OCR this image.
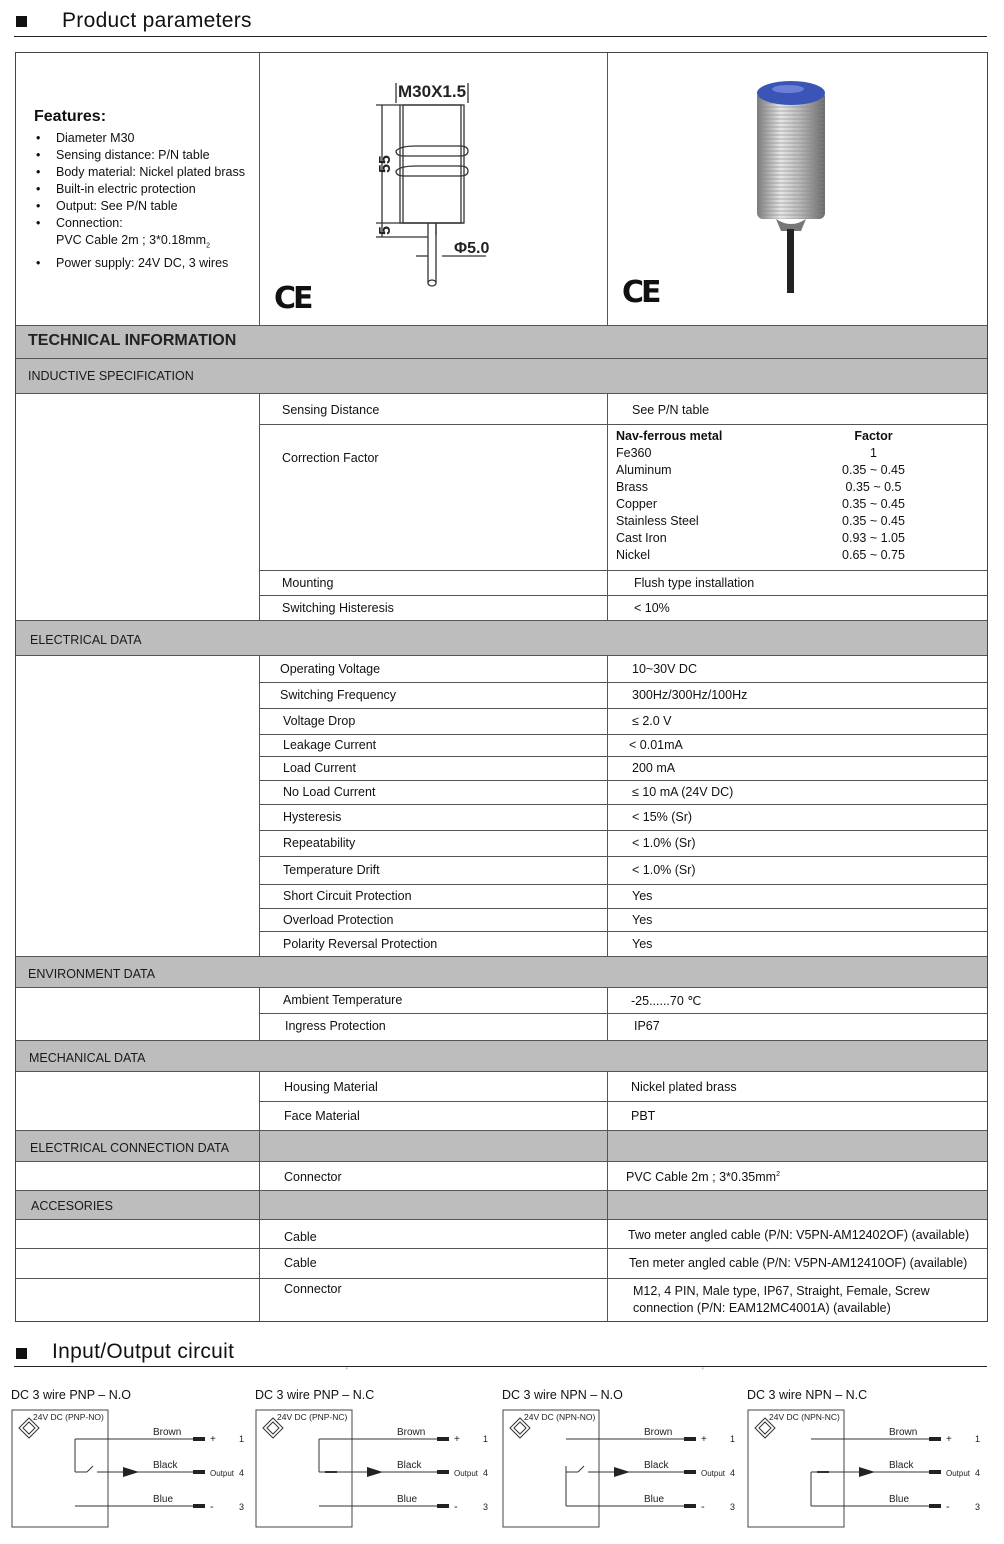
Product parameters
Features:
• Diameter M30
• Sensing distance: P/N table
• Body material: Nickel plated brass
• Built-in electric protection
• Output: See P/N table
• Connection:
PVC Cable 2m ; $3*0.18mm_2$
• Power supply: 24V DC, 3 wires
M30X1.5
55
5
Φ5.0
CE	CE
TECHNICAL INFORMATION
INDUCTIVE SPECIFICATION
Sensing Distance	See P/N table
Correction Factor
Mounting	Flush type installation
Switching Histeresis	< 10%
ELECTRICAL DATA
Operating Voltage	10~30V DC
Switching Frequency	300Hz/300Hz/100Hz
Voltage Drop	≤ 2.0 V
Leakage Current	< 0.01mA
Load Current	200 mA
No Load Current	≤ 10 mA (24V DC)
Hysteresis	< 15% (Sr)
Repeatability	< 1.0% (Sr)
Temperature Drift	< 1.0% (Sr)
Short Circuit Protection	Yes
Overload Protection	Yes
Polarity Reversal Protection	Yes
ENVIRONMENT DATA
Ambient Temperature	-25......70 ℃
Ingress Protection	IP67
MECHANICAL DATA
Housing Material	Nickel plated brass
Face Material	PBT
ELECTRICAL CONNECTION DATA
Connector	PVC Cable 2m ; $3*0.35mm^2$
ACCESORIES
Cable	Two meter angled cable (P/N: V5PN-AM12402OF) (available)
Cable	Ten meter angled cable (P/N: V5PN-AM12410OF) (available)
Connector	M12, 4 PIN, Male type, IP67, Straight, Female, Screw
connection (P/N: EAM12MC4001A) (available)
Nav-ferrous metal	Factor
Fe360	1
Aluminum	0.35 ~ 0.45
Brass	0.35 ~ 0.5
Copper	0.35 ~ 0.45
Stainless Steel	0.35 ~ 0.45
Cast Iron	0.93 ~ 1.05
Nickel	0.65 ~ 0.75
Input/Output circuit
'	'
DC 3 wire PNP – N.O
24V DC (PNP-NO)
Brown
Black
Blue
+
Output
-
1
4
3
DC 3 wire PNP – N.C
24V DC (PNP-NC)
Brown
Black
Blue
+
Output
-
1
4
3
DC 3 wire NPN – N.O
24V DC (NPN-NO)
Brown
Black
Blue
+
Output
-
1
4
3
DC 3 wire NPN – N.C
24V DC (NPN-NC)
Brown
Black
Blue
+
Output
-
1
4
3
